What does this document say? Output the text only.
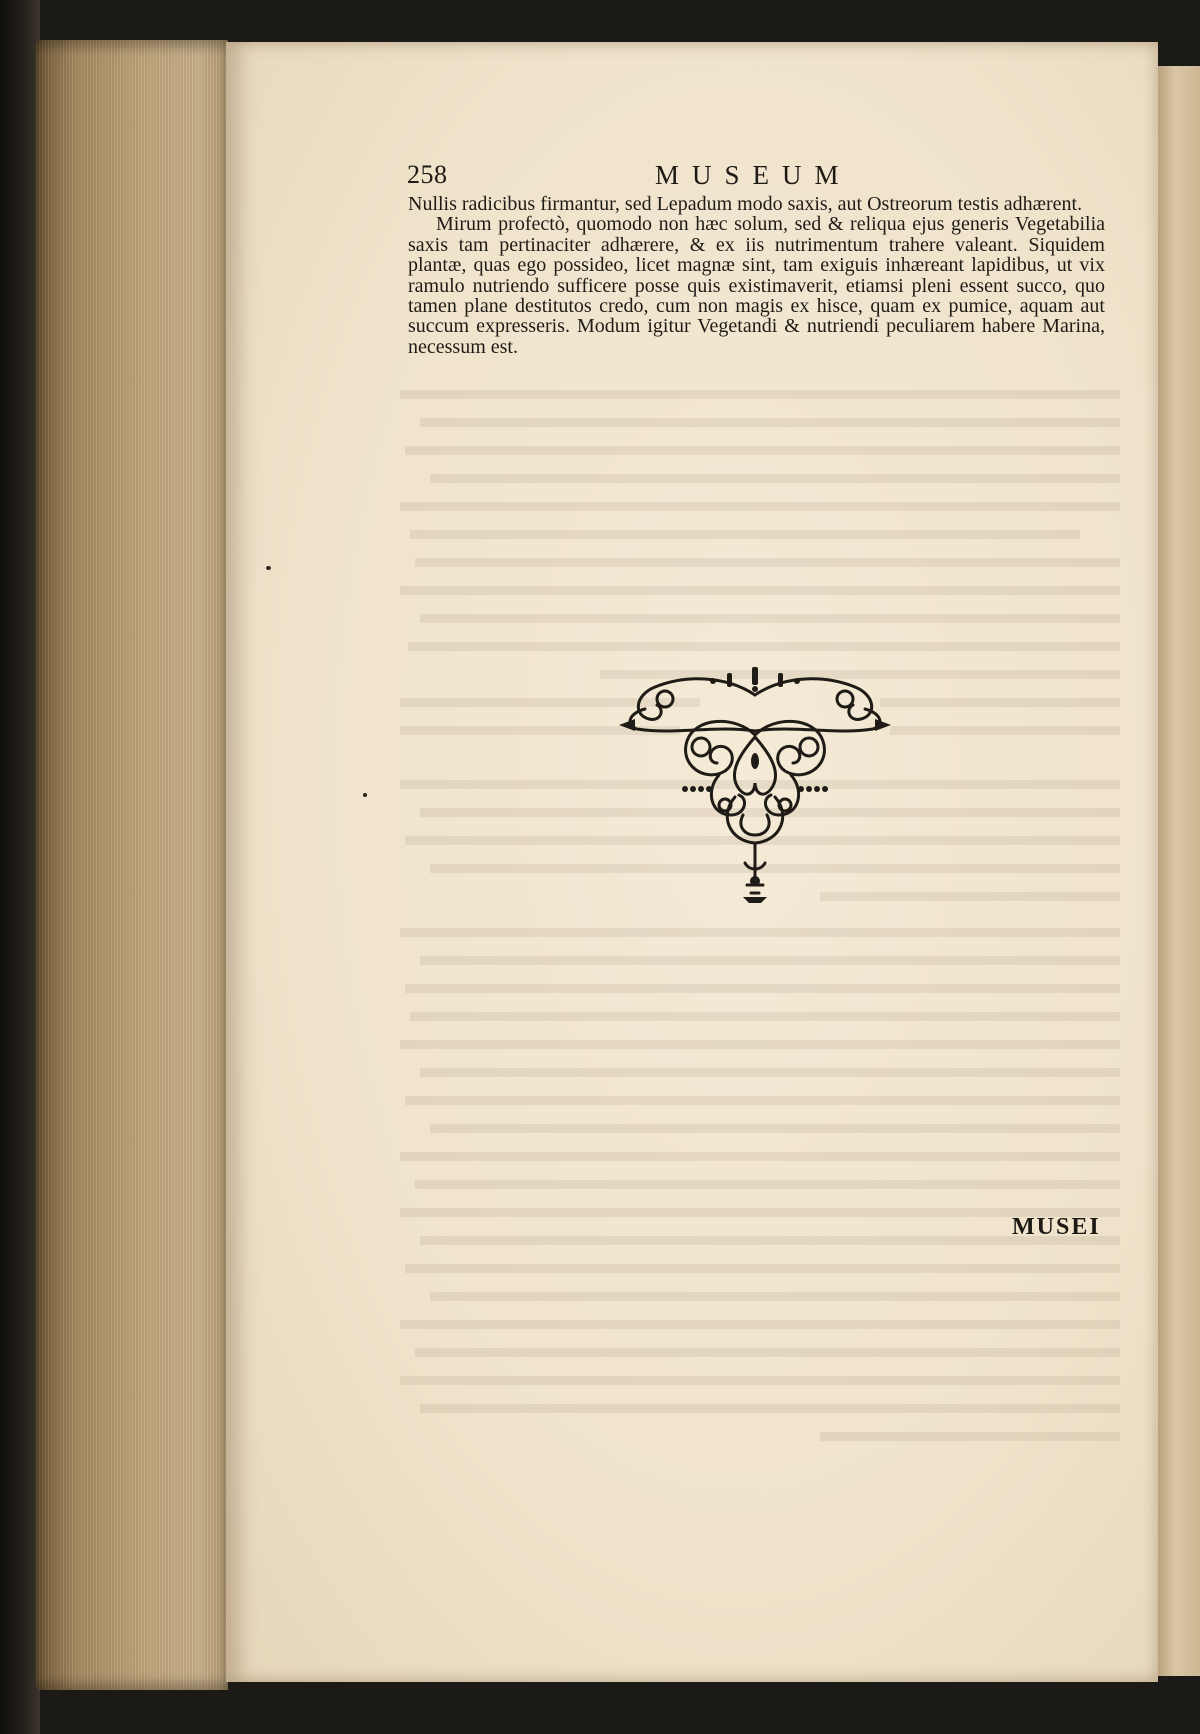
258	MUSEUM

Nullis radicibus firmantur, sed Lepadum modo saxis, aut Ostreorum testis adhærent.

Mirum profectò, quomodo non hæc solum, sed & reliqua ejus generis Vegetabilia saxis tam pertinaciter adhærere, & ex iis nutrimentum trahere valeant. Siquidem plantæ, quas ego possideo, licet magnæ sint, tam exiguis inhæreant lapidibus, ut vix ramulo nutriendo sufficere posse quis existimaverit, etiamsi pleni essent succo, quo tamen plane destitutos credo, cum non magis ex hisce, quam ex pumice, aquam aut succum expresseris. Modum igitur Vegetandi & nutriendi peculiarem habere Marina, necessum est.

MUSEI
